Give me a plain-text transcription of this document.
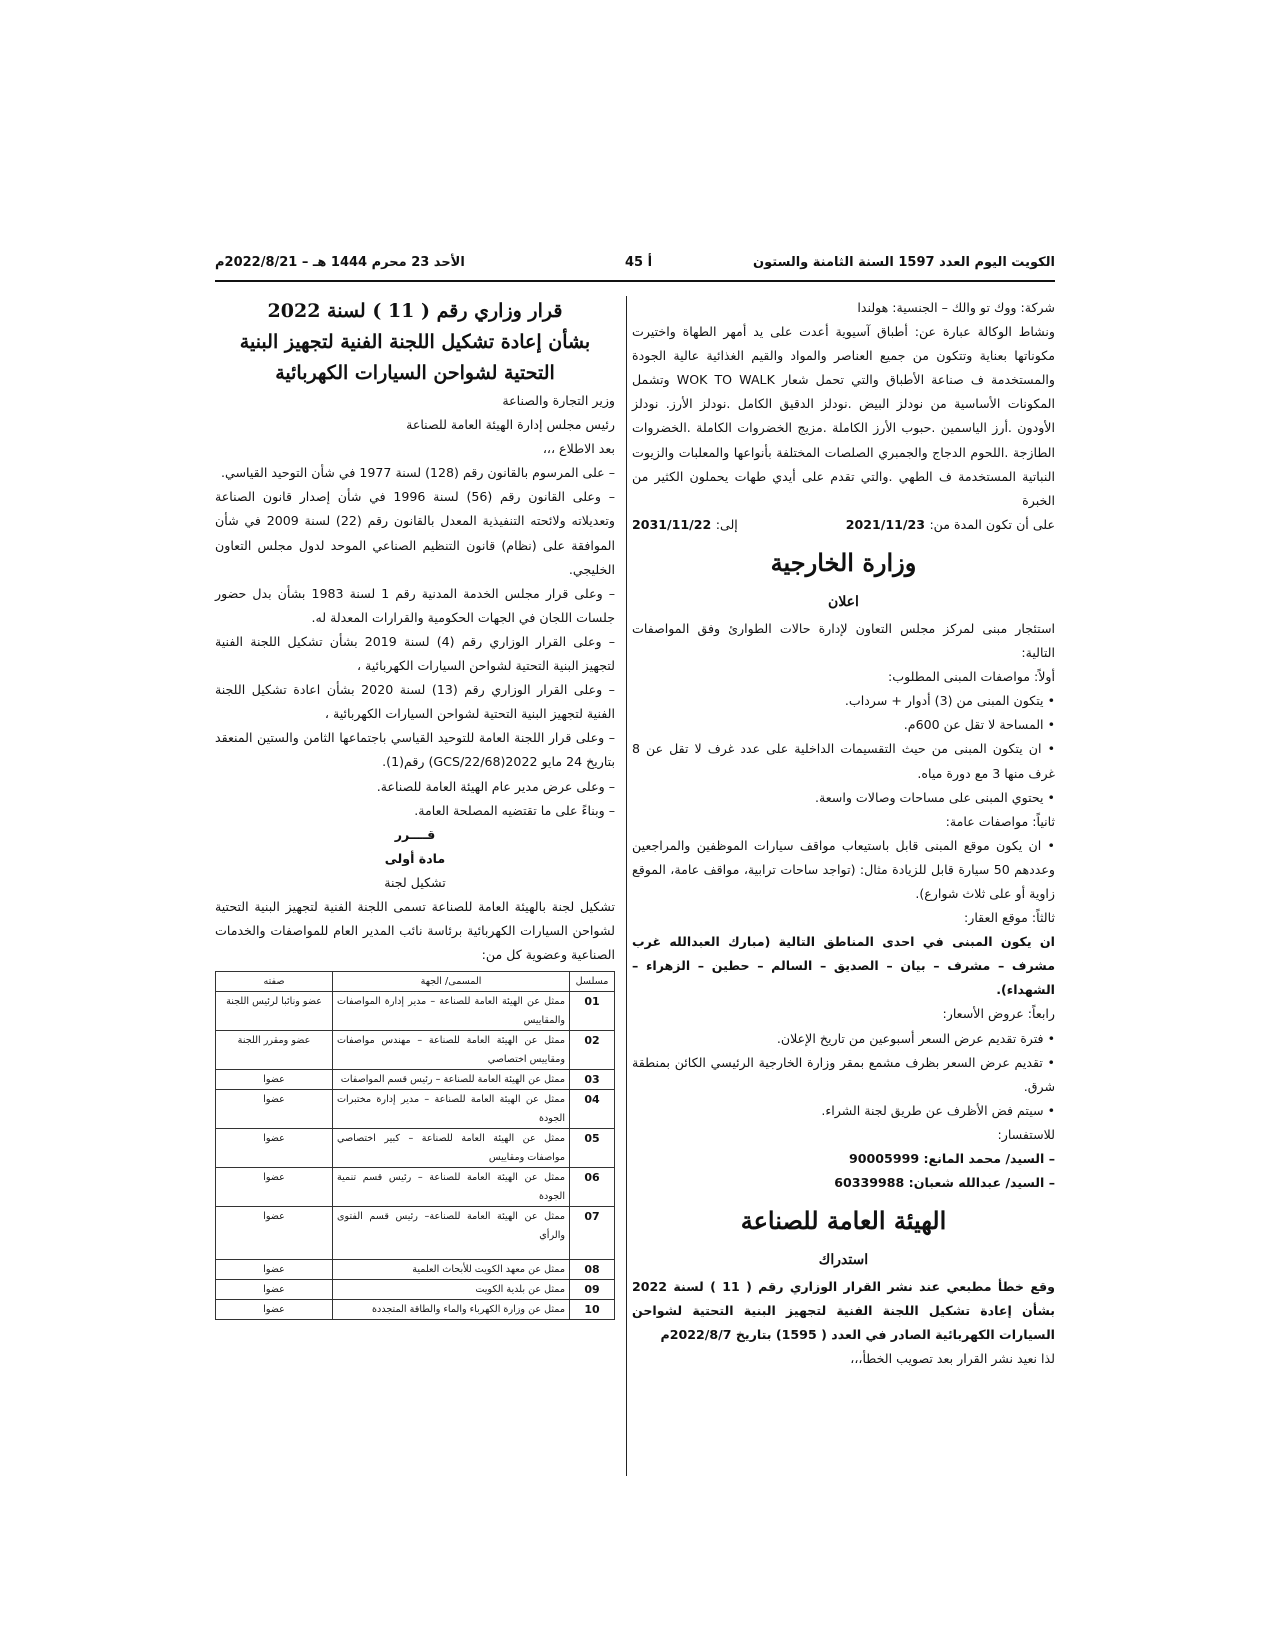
الكويت اليوم العدد 1597 السنة الثامنة والستون
أ 45
الأحد 23 محرم 1444 هـ – 2022/8/21م

شركة: ووك تو والك – الجنسية: هولندا

ونشاط الوكالة عبارة عن: أطباق آسيوية أعدت على يد أمهر الطهاة واختيرت مكوناتها بعناية وتتكون من جميع العناصر والمواد والقيم الغذائية عالية الجودة والمستخدمة ف صناعة الأطباق والتي تحمل شعار WOK TO WALK وتشمل المكونات الأساسية من نودلز البيض .نودلز الدقيق الكامل .نودلز الأرز. نودلز الأودون .أرز الياسمين .حبوب الأرز الكاملة .مزيج الخضروات الكاملة .الخضروات الطازجة .اللحوم الدجاج والجمبري الصلصات المختلفة بأنواعها والمعلبات والزيوت النباتية المستخدمة ف الطهي .والتي تقدم على أيدي طهات يحملون الكثير من الخبرة

على أن تكون المدة من: 2021/11/23
إلى: 2031/11/22
وزارة الخارجية
اعلان

استئجار مبنى لمركز مجلس التعاون لإدارة حالات الطوارئ وفق المواصفات التالية:

أولاً: مواصفات المبنى المطلوب:

• يتكون المبنى من (3) أدوار + سرداب.

• المساحة لا تقل عن 600م.

• ان يتكون المبنى من حيث التقسيمات الداخلية على عدد غرف لا تقل عن 8 غرف منها 3 مع دورة مياه.

• يحتوي المبنى على مساحات وصالات واسعة.

ثانياً: مواصفات عامة:

• ان يكون موقع المبنى قابل باستيعاب مواقف سيارات الموظفين والمراجعين وعددهم 50 سيارة قابل للزيادة مثال: (تواجد ساحات ترابية، مواقف عامة، الموقع زاوية أو على ثلاث شوارع).

ثالثاً: موقع العقار:

ان يكون المبنى في احدى المناطق التالية (مبارك العبدالله غرب مشرف – مشرف – بيان – الصديق – السالم – حطين – الزهراء – الشهداء).

رابعاً: عروض الأسعار:

• فترة تقديم عرض السعر أسبوعين من تاريخ الإعلان.

• تقديم عرض السعر بظرف مشمع بمقر وزارة الخارجية الرئيسي الكائن بمنطقة شرق.

• سيتم فض الأظرف عن طريق لجنة الشراء.

للاستفسار:

– السيد/ محمد المانع: 90005999

– السيد/ عبدالله شعبان: 60339988

الهيئة العامة للصناعة
استدراك

وقع خطأ مطبعي عند نشر القرار الوزاري رقم ( 11 ) لسنة 2022 بشأن إعادة تشكيل اللجنة الفنية لتجهيز البنية التحتية لشواحن السيارات الكهربائية الصادر في العدد ( 1595) بتاريخ 2022/8/7م

لذا نعيد نشر القرار بعد تصويب الخطأ،،،

قرار وزاري رقم ( 11 ) لسنة 2022
بشأن إعادة تشكيل اللجنة الفنية لتجهيز البنية
التحتية لشواحن السيارات الكهربائية

وزير التجارة والصناعة

رئيس مجلس إدارة الهيئة العامة للصناعة

بعد الاطلاع ،،،

– على المرسوم بالقانون رقم (128) لسنة 1977 في شأن التوحيد القياسي.

– وعلى القانون رقم (56) لسنة 1996 في شأن إصدار قانون الصناعة وتعديلاته ولائحته التنفيذية المعدل بالقانون رقم (22) لسنة 2009 في شأن الموافقة على (نظام) قانون التنظيم الصناعي الموحد لدول مجلس التعاون الخليجي.

– وعلى قرار مجلس الخدمة المدنية رقم 1 لسنة 1983 بشأن بدل حضور جلسات اللجان في الجهات الحكومية والقرارات المعدلة له.

– وعلى القرار الوزاري رقم (4) لسنة 2019 بشأن تشكيل اللجنة الفنية لتجهيز البنية التحتية لشواحن السيارات الكهربائية ،

– وعلى القرار الوزاري رقم (13) لسنة 2020 بشأن اعادة تشكيل اللجنة الفنية لتجهيز البنية التحتية لشواحن السيارات الكهربائية ،

– وعلى قرار اللجنة العامة للتوحيد القياسي باجتماعها الثامن والستين المنعقد بتاريخ 24 مايو 2022(GCS/22/68) رقم(1).

– وعلى عرض مدير عام الهيئة العامة للصناعة.

– وبناءً على ما تقتضيه المصلحة العامة.

قــــرر

مادة أولى

تشكيل لجنة

تشكيل لجنة بالهيئة العامة للصناعة تسمى اللجنة الفنية لتجهيز البنية التحتية لشواحن السيارات الكهربائية برئاسة نائب المدير العام للمواصفات والخدمات الصناعية وعضوية كل من:

مسلسل	المسمى/ الجهة	صفته
01	ممثل عن الهيئة العامة للصناعة – مدير إدارة المواصفات والمقاييس	عضو ونائبا لرئيس اللجنة
02	ممثل عن الهيئة العامة للصناعة – مهندس مواصفات ومقاييس اختصاصي	عضو ومقرر اللجنة
03	ممثل عن الهيئة العامة للصناعة – رئيس قسم المواصفات	عضوا
04	ممثل عن الهيئة العامة للصناعة – مدير إدارة مختبرات الجودة	عضوا
05	ممثل عن الهيئة العامة للصناعة – كبير اختصاصي مواصفات ومقاييس	عضوا
06	ممثل عن الهيئة العامة للصناعة – رئيس قسم تنمية الجودة	عضوا
07	ممثل عن الهيئة العامة للصناعة– رئيس قسم الفتوى والرأي	عضوا
08	ممثل عن معهد الكويت للأبحاث العلمية	عضوا
09	ممثل عن بلدية الكويت	عضوا
10	ممثل عن وزارة الكهرباء والماء والطاقة المتجددة	عضوا
